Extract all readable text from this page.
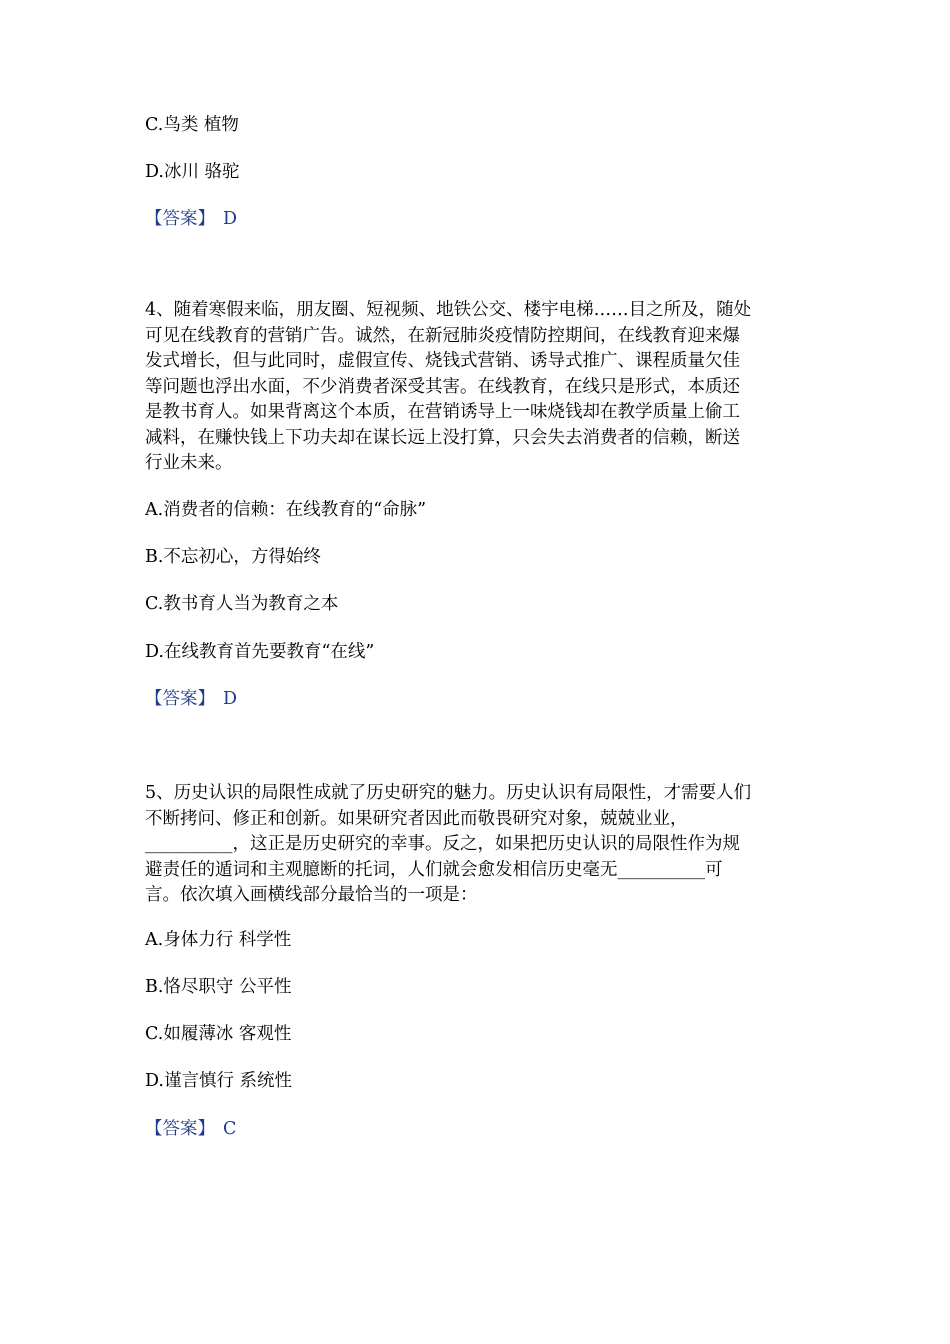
C.鸟类 植物
D.冰川 骆驼
【答案】 D
4、随着寒假来临，朋友圈、短视频、地铁公交、楼宇电梯……目之所及，随处
可见在线教育的营销广告。诚然，在新冠肺炎疫情防控期间，在线教育迎来爆
发式增长，但与此同时，虚假宣传、烧钱式营销、诱导式推广、课程质量欠佳
等问题也浮出水面，不少消费者深受其害。在线教育，在线只是形式，本质还
是教书育人。如果背离这个本质，在营销诱导上一味烧钱却在教学质量上偷工
减料，在赚快钱上下功夫却在谋长远上没打算，只会失去消费者的信赖，断送
行业未来。
A.消费者的信赖：在线教育的“命脉”
B.不忘初心，方得始终
C.教书育人当为教育之本
D.在线教育首先要教育“在线”
【答案】 D
5、历史认识的局限性成就了历史研究的魅力。历史认识有局限性，才需要人们
不断拷问、修正和创新。如果研究者因此而敬畏研究对象，兢兢业业，
__________，这正是历史研究的幸事。反之，如果把历史认识的局限性作为规
避责任的遁词和主观臆断的托词，人们就会愈发相信历史毫无__________可
言。依次填入画横线部分最恰当的一项是：
A.身体力行 科学性
B.恪尽职守 公平性
C.如履薄冰 客观性
D.谨言慎行 系统性
【答案】 C
